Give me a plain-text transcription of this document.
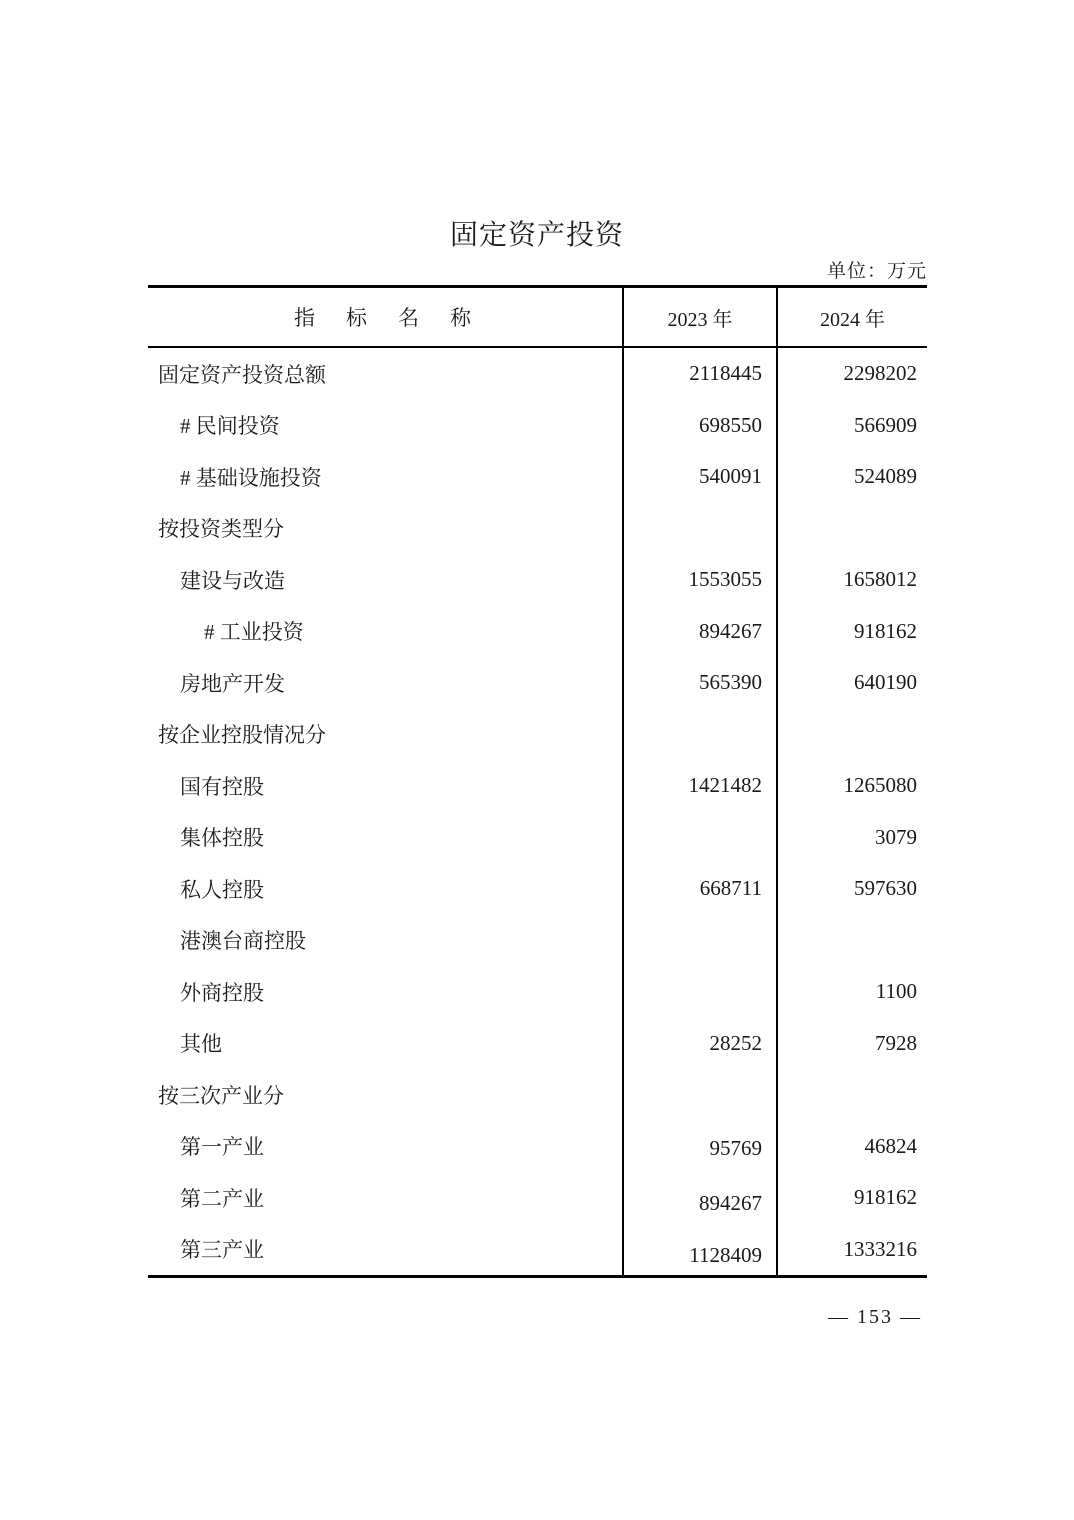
固定资产投资
单位：万元
指　标　名　称	2023 年	2024 年
固定资产投资总额	2118445	2298202
# 民间投资	698550	566909
# 基础设施投资	540091	524089
按投资类型分		
建设与改造	1553055	1658012
# 工业投资	894267	918162
房地产开发	565390	640190
按企业控股情况分		
国有控股	1421482	1265080
集体控股		3079
私人控股	668711	597630
港澳台商控股		
外商控股		1100
其他	28252	7928
按三次产业分		
第一产业	95769	46824
第二产业	894267	918162
第三产业	1128409	1333216
— 153 —
